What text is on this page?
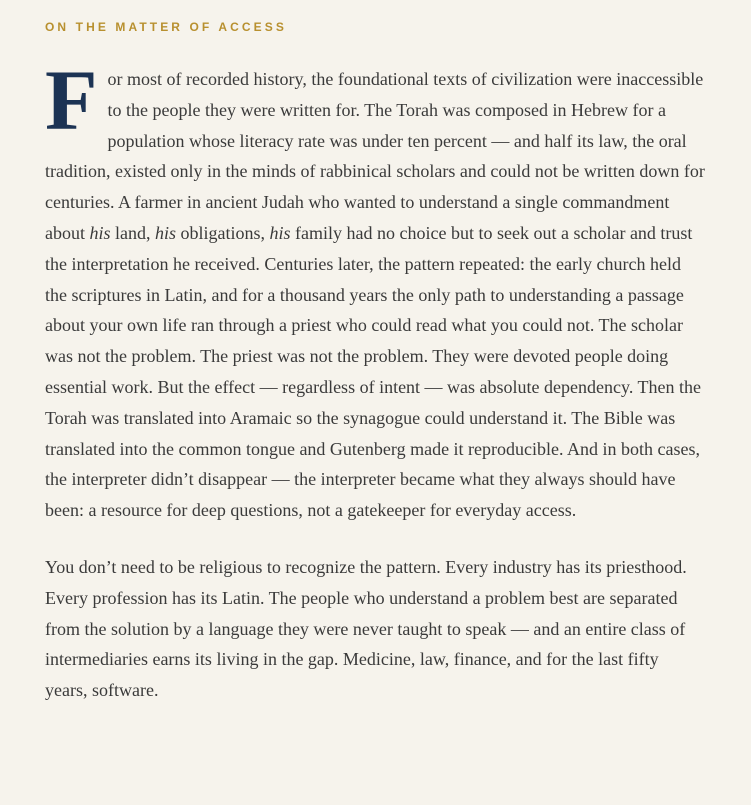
ON THE MATTER OF ACCESS

For most of recorded history, the foundational texts of civilization were inaccessible to the people they were written for. The Torah was composed in Hebrew for a population whose literacy rate was under ten percent — and half its law, the oral tradition, existed only in the minds of rabbinical scholars and could not be written down for centuries. A farmer in ancient Judah who wanted to understand a single commandment about his land, his obligations, his family had no choice but to seek out a scholar and trust the interpretation he received. Centuries later, the pattern repeated: the early church held the scriptures in Latin, and for a thousand years the only path to understanding a passage about your own life ran through a priest who could read what you could not. The scholar was not the problem. The priest was not the problem. They were devoted people doing essential work. But the effect — regardless of intent — was absolute dependency. Then the Torah was translated into Aramaic so the synagogue could understand it. The Bible was translated into the common tongue and Gutenberg made it reproducible. And in both cases, the interpreter didn’t disappear — the interpreter became what they always should have been: a resource for deep questions, not a gatekeeper for everyday access.

You don’t need to be religious to recognize the pattern. Every industry has its priesthood. Every profession has its Latin. The people who understand a problem best are separated from the solution by a language they were never taught to speak — and an entire class of intermediaries earns its living in the gap. Medicine, law, finance, and for the last fifty years, software.
